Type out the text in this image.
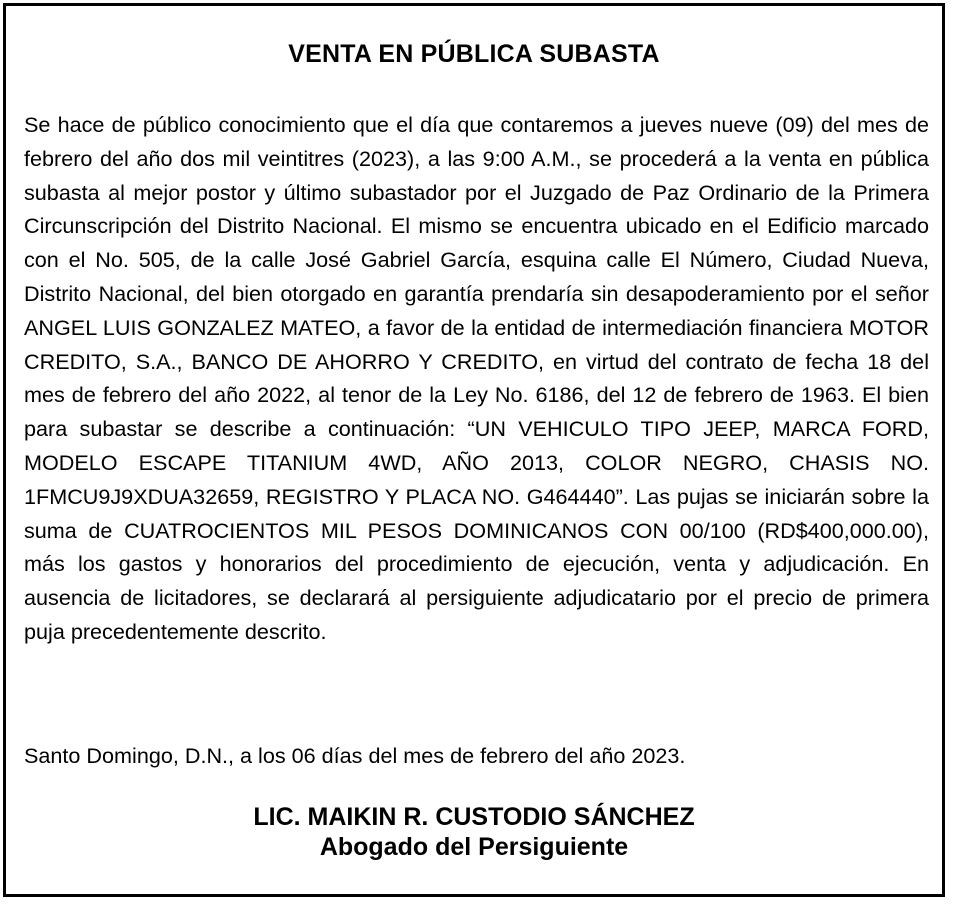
VENTA EN PÚBLICA SUBASTA

Se hace de público conocimiento que el día que contaremos a jueves nueve (09) del mes de febrero del año dos mil veintitres (2023), a las 9:00 A.M., se procederá a la venta en pública subasta al mejor postor y último subastador por el Juzgado de Paz Ordinario de la Primera Circunscripción del Distrito Nacional. El mismo se encuentra ubicado en el Edificio marcado con el No. 505, de la calle José Gabriel García, esquina calle El Número, Ciudad Nueva, Distrito Nacional, del bien otorgado en garantía prendaría sin desapoderamiento por el señor ANGEL LUIS GONZALEZ MATEO, a favor de la entidad de intermediación financiera MOTOR CREDITO, S.A., BANCO DE AHORRO Y CREDITO, en virtud del contrato de fecha 18 del mes de febrero del año 2022, al tenor de la Ley No. 6186, del 12 de febrero de 1963. El bien para subastar se describe a continuación: “UN VEHICULO TIPO JEEP, MARCA FORD, MODELO ESCAPE TITANIUM 4WD, AÑO 2013, COLOR NEGRO, CHASIS NO. 1FMCU9J9XDUA32659, REGISTRO Y PLACA NO. G464440”. Las pujas se iniciarán sobre la suma de CUATROCIENTOS MIL PESOS DOMINICANOS CON 00/100 (RD$400,000.00), más los gastos y honorarios del procedimiento de ejecución, venta y adjudicación. En ausencia de licitadores, se declarará al persiguiente adjudicatario por el precio de primera puja precedentemente descrito.

Santo Domingo, D.N., a los 06 días del mes de febrero del año 2023.

LIC. MAIKIN R. CUSTODIO SÁNCHEZ
Abogado del Persiguiente
